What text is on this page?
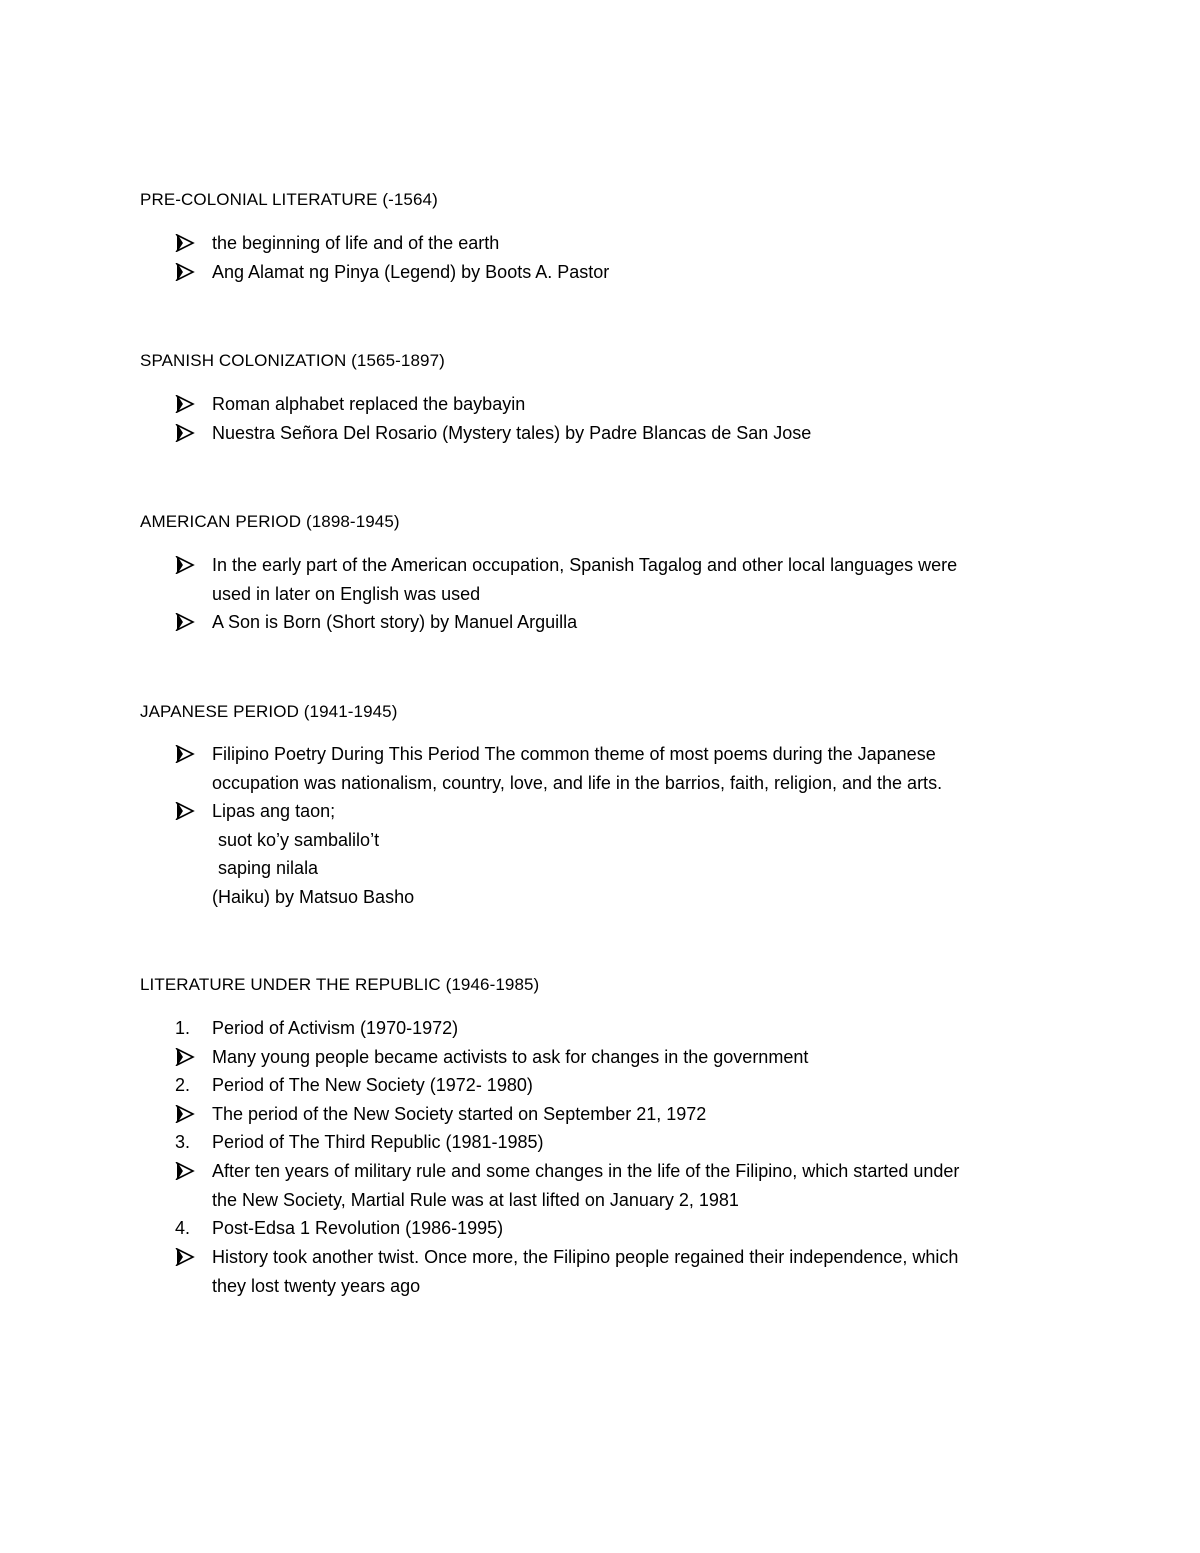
PRE-COLONIAL LITERATURE (-1564)
the beginning of life and of the earth
Ang Alamat ng Pinya (Legend) by Boots A. Pastor
SPANISH COLONIZATION (1565-1897)
Roman alphabet replaced the baybayin
Nuestra Señora Del Rosario (Mystery tales) by Padre Blancas de San Jose
AMERICAN PERIOD (1898-1945)
In the early part of the American occupation, Spanish Tagalog and other local languages were
used in later on English was used
A Son is Born (Short story) by Manuel Arguilla
JAPANESE PERIOD (1941-1945)
Filipino Poetry During This Period The common theme of most poems during the Japanese
occupation was nationalism, country, love, and life in the barrios, faith, religion, and the arts.
Lipas ang taon;
suot ko’y sambalilo’t
saping nilala
(Haiku) by Matsuo Basho
LITERATURE UNDER THE REPUBLIC (1946-1985)
1.	Period of Activism (1970-1972)
Many young people became activists to ask for changes in the government
2.	Period of The New Society (1972- 1980)
The period of the New Society started on September 21, 1972
3.	Period of The Third Republic (1981-1985)
After ten years of military rule and some changes in the life of the Filipino, which started under
the New Society, Martial Rule was at last lifted on January 2, 1981
4.	Post-Edsa 1 Revolution (1986-1995)
History took another twist. Once more, the Filipino people regained their independence, which
they lost twenty years ago
